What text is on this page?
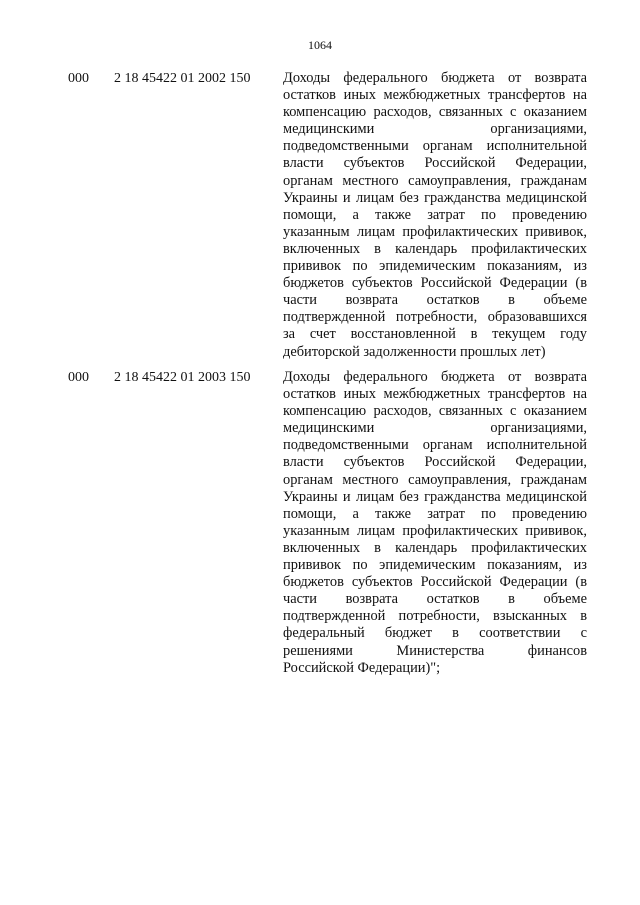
1064
000 2 18 45422 01 2002 150 Доходы федерального бюджета от возврата
остатков иных межбюджетных трансфертов на
компенсацию расходов, связанных с оказанием
медицинскими организациями,
подведомственными органам исполнительной
власти субъектов Российской Федерации,
органам местного самоуправления, гражданам
Украины и лицам без гражданства медицинской
помощи, а также затрат по проведению
указанным лицам профилактических прививок,
включенных в календарь профилактических
прививок по эпидемическим показаниям, из
бюджетов субъектов Российской Федерации (в
части возврата остатков в объеме
подтвержденной потребности, образовавшихся
за счет восстановленной в текущем году
дебиторской задолженности прошлых лет)
000 2 18 45422 01 2003 150 Доходы федерального бюджета от возврата
остатков иных межбюджетных трансфертов на
компенсацию расходов, связанных с оказанием
медицинскими организациями,
подведомственными органам исполнительной
власти субъектов Российской Федерации,
органам местного самоуправления, гражданам
Украины и лицам без гражданства медицинской
помощи, а также затрат по проведению
указанным лицам профилактических прививок,
включенных в календарь профилактических
прививок по эпидемическим показаниям, из
бюджетов субъектов Российской Федерации (в
части возврата остатков в объеме
подтвержденной потребности, взысканных в
федеральный бюджет в соответствии с
решениями Министерства финансов
Российской Федерации)";
